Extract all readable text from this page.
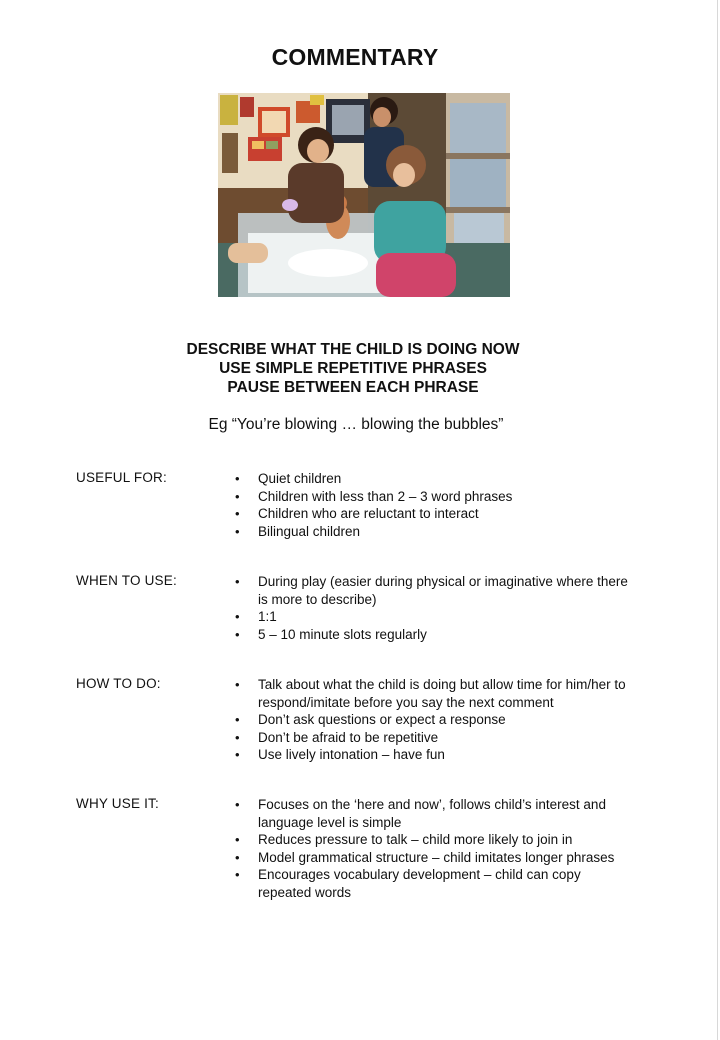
COMMENTARY
DESCRIBE WHAT THE CHILD IS DOING NOW
USE SIMPLE REPETITIVE PHRASES
PAUSE BETWEEN EACH PHRASE
Eg “You’re blowing … blowing the bubbles”
USEFUL FOR:	• Quiet children
• Children with less than 2 – 3 word phrases
• Children who are reluctant to interact
• Bilingual children
WHEN TO USE:	• During play (easier during physical or imaginative where there is more to describe)
• 1:1
• 5 – 10 minute slots regularly
HOW TO DO:	• Talk about what the child is doing but allow time for him/her to respond/imitate before you say the next comment
• Don’t ask questions or expect a response
• Don’t be afraid to be repetitive
• Use lively intonation – have fun
WHY USE IT:	• Focuses on the ‘here and now’, follows child’s interest and language level is simple
• Reduces pressure to talk – child more likely to join in
• Model grammatical structure – child imitates longer phrases
• Encourages vocabulary development – child can copy repeated words
